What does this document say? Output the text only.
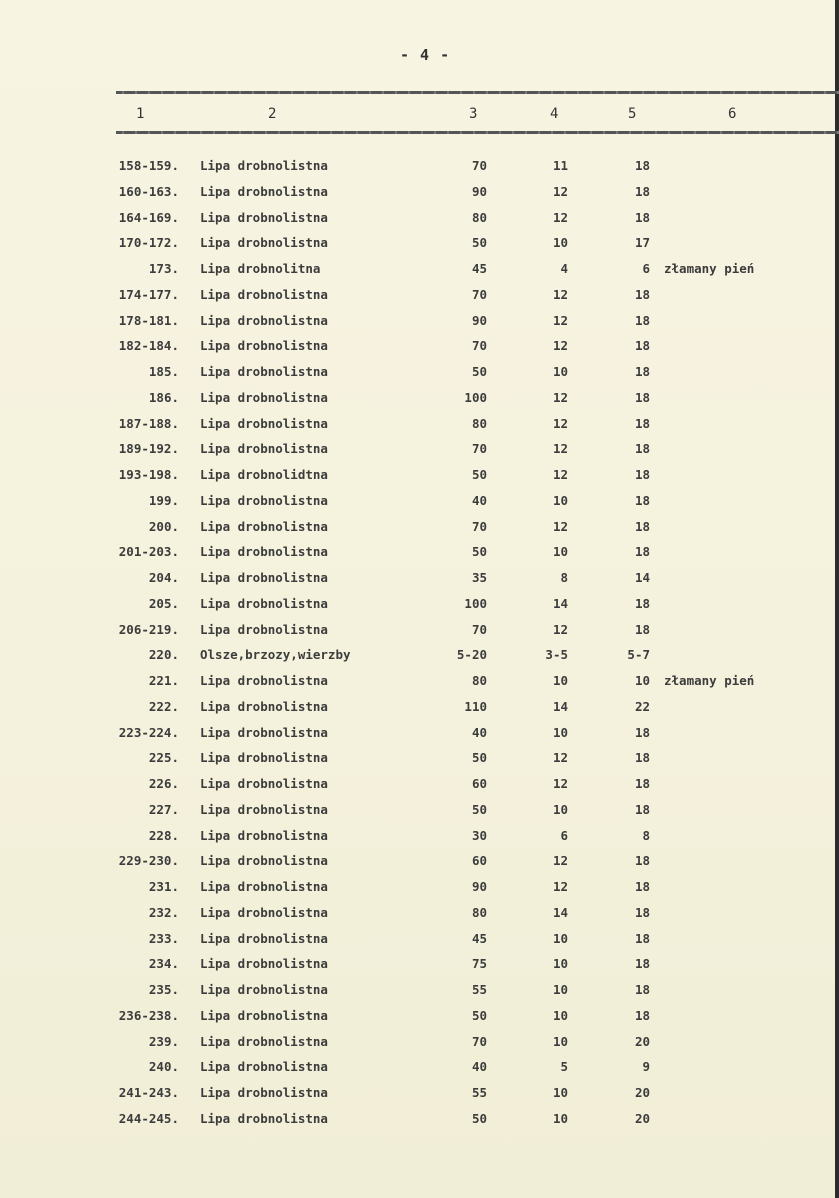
- 4 -
1	2	3	4	5	6
158-159. Lipa drobnolistna	70	11	18
160-163. Lipa drobnolistna	90	12	18
164-169. Lipa drobnolistna	80	12	18
170-172. Lipa drobnolistna	50	10	17
173. Lipa drobnolitna	45	4	6 złamany pień
174-177. Lipa drobnolistna	70	12	18
178-181. Lipa drobnolistna	90	12	18
182-184. Lipa drobnolistna	70	12	18
185. Lipa drobnolistna	50	10	18
186. Lipa drobnolistna	100	12	18
187-188. Lipa drobnolistna	80	12	18
189-192. Lipa drobnolistna	70	12	18
193-198. Lipa drobnolidtna	50	12	18
199. Lipa drobnolistna	40	10	18
200. Lipa drobnolistna	70	12	18
201-203. Lipa drobnolistna	50	10	18
204. Lipa drobnolistna	35	8	14
205. Lipa drobnolistna	100	14	18
206-219. Lipa drobnolistna	70	12	18
220. Olsze,brzozy,wierzby	5-20	3-5	5-7
221. Lipa drobnolistna	80	10	10 złamany pień
222. Lipa drobnolistna	110	14	22
223-224. Lipa drobnolistna	40	10	18
225. Lipa drobnolistna	50	12	18
226. Lipa drobnolistna	60	12	18
227. Lipa drobnolistna	50	10	18
228. Lipa drobnolistna	30	6	8
229-230. Lipa drobnolistna	60	12	18
231. Lipa drobnolistna	90	12	18
232. Lipa drobnolistna	80	14	18
233. Lipa drobnolistna	45	10	18
234. Lipa drobnolistna	75	10	18
235. Lipa drobnolistna	55	10	18
236-238. Lipa drobnolistna	50	10	18
239. Lipa drobnolistna	70	10	20
240. Lipa drobnolistna	40	5	9
241-243. Lipa drobnolistna	55	10	20
244-245. Lipa drobnolistna	50	10	20
